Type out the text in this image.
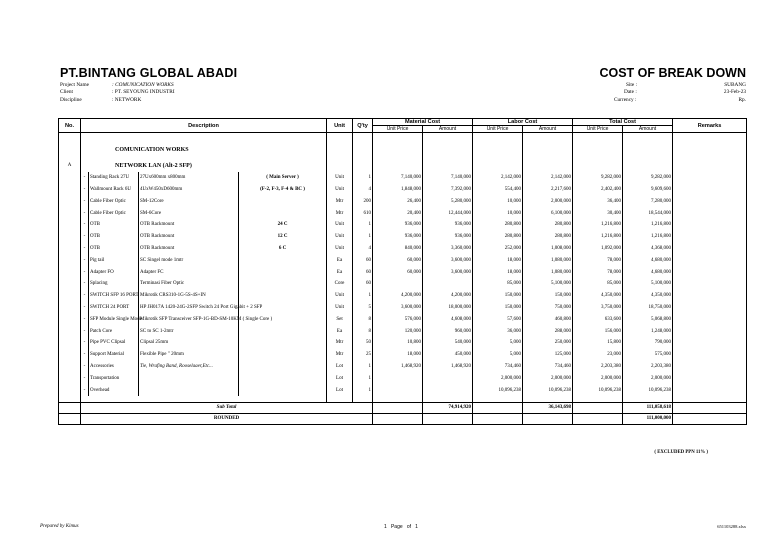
PT.BINTANG GLOBAL ABADI	COST OF BREAK DOWN
Project Name	: COMUNICATION WORKS
Client	: PT. SEYOUNG INDUSTRI
Discipline	: NETWORK
Site :	SUBANG
Date :	23-Feb-23
Currency :	Rp.
No.	Description				Unit	Q'ty	Material Cost		Labor Cost		Total Cost		Remarks
							Unit Price	Amount	Unit Price	Amount	Unit Price	Amount	

	COMUNICATION WORKS												
A	NETWORK LAN (Alt-2 SFP)												
	-	Standing Rack 27U	27Ux600mm x800mm	( Main Server )	Unit	1	7,140,000	7,140,000	2,142,000	2,142,000	9,282,000	9,282,000	
	-	Wallmount Rack 6U	4UxW450xD600mm	(F-2, F-3, F-4 & BC )	Unit	4	1,848,000	7,392,000	554,400	2,217,600	2,402,400	9,609,600	
	-	Cable Fiber Optic	SM-12Core		Mtr	200	26,400	5,280,000	10,000	2,000,000	36,400	7,280,000	
	-	Cable Fiber Optic	SM-6Core		Mtr	610	20,400	12,444,000	10,000	6,100,000	30,400	18,544,000	
	-	OTB	OTB Rackmount	24 C	Unit	1	936,000	936,000	280,800	280,800	1,216,800	1,216,800	
	-	OTB	OTB Rackmount	12 C	Unit	1	936,000	936,000	280,800	280,800	1,216,800	1,216,800	
	-	OTB	OTB Rackmount	6 C	Unit	4	840,000	3,360,000	252,000	1,008,000	1,092,000	4,368,000	
	-	Pig tail	SC Singel mode 1mtr		Ea	60	60,000	3,600,000	18,000	1,080,000	78,000	4,680,000	
	-	Adapter FO	Adapter FC		Ea	60	60,000	3,600,000	18,000	1,080,000	78,000	4,680,000	
	-	Splacing	Terminasi Fiber Optic		Core	60			85,000	5,100,000	85,000	5,100,000	
	-	SWITCH SFP 16 PORT	Mikrotik CRS310-1G-5S-4S+IN		Unit	1	4,200,000	4,200,000	150,000	150,000	4,350,000	4,350,000	
	-	SWITCH 24 PORT	HP JH017A 1420-24G-2SFP Switch 24 Port Gigabit + 2 SFP		Unit	5	3,600,000	18,000,000	150,000	750,000	3,750,000	18,750,000	
	-	SFP Module Single Mode	Mikrotik SFP Transceiver SFP-1G-BD-SM-10KM ( Single Core )		Set	8	576,000	4,608,000	57,600	460,800	633,600	5,068,800	
	-	Patch Core	SC to SC 1-2mtr		Ea	8	120,000	960,000	36,000	288,000	156,000	1,248,000	
	-	Pipe PVC Clipsal	Clipsal 25mm		Mtr	50	10,800	540,000	5,000	250,000	15,800	790,000	
	-	Support Material	Flexible Pipe " 20mm		Mtr	25	18,000	450,000	5,000	125,000	23,000	575,000	
	-	Accessories	Tie, Wrafing Band, Rooselaaer,Etc...		Lot	1	1,468,920	1,468,920	734,460	734,460	2,203,380	2,203,380	
	-	Transportation			Lot	1			2,000,000	2,000,000	2,000,000	2,000,000	
	-	Overhead			Lot	1			10,096,238	10,096,238	10,096,238	10,096,238	

	Sub Total							74,914,920		36,143,698		111,058,618	
	ROUNDED											111,000,000	
( EXCLUDED PPN 11% )
Prepared by Kimus	1 Page of 1	651103288.xlsx
